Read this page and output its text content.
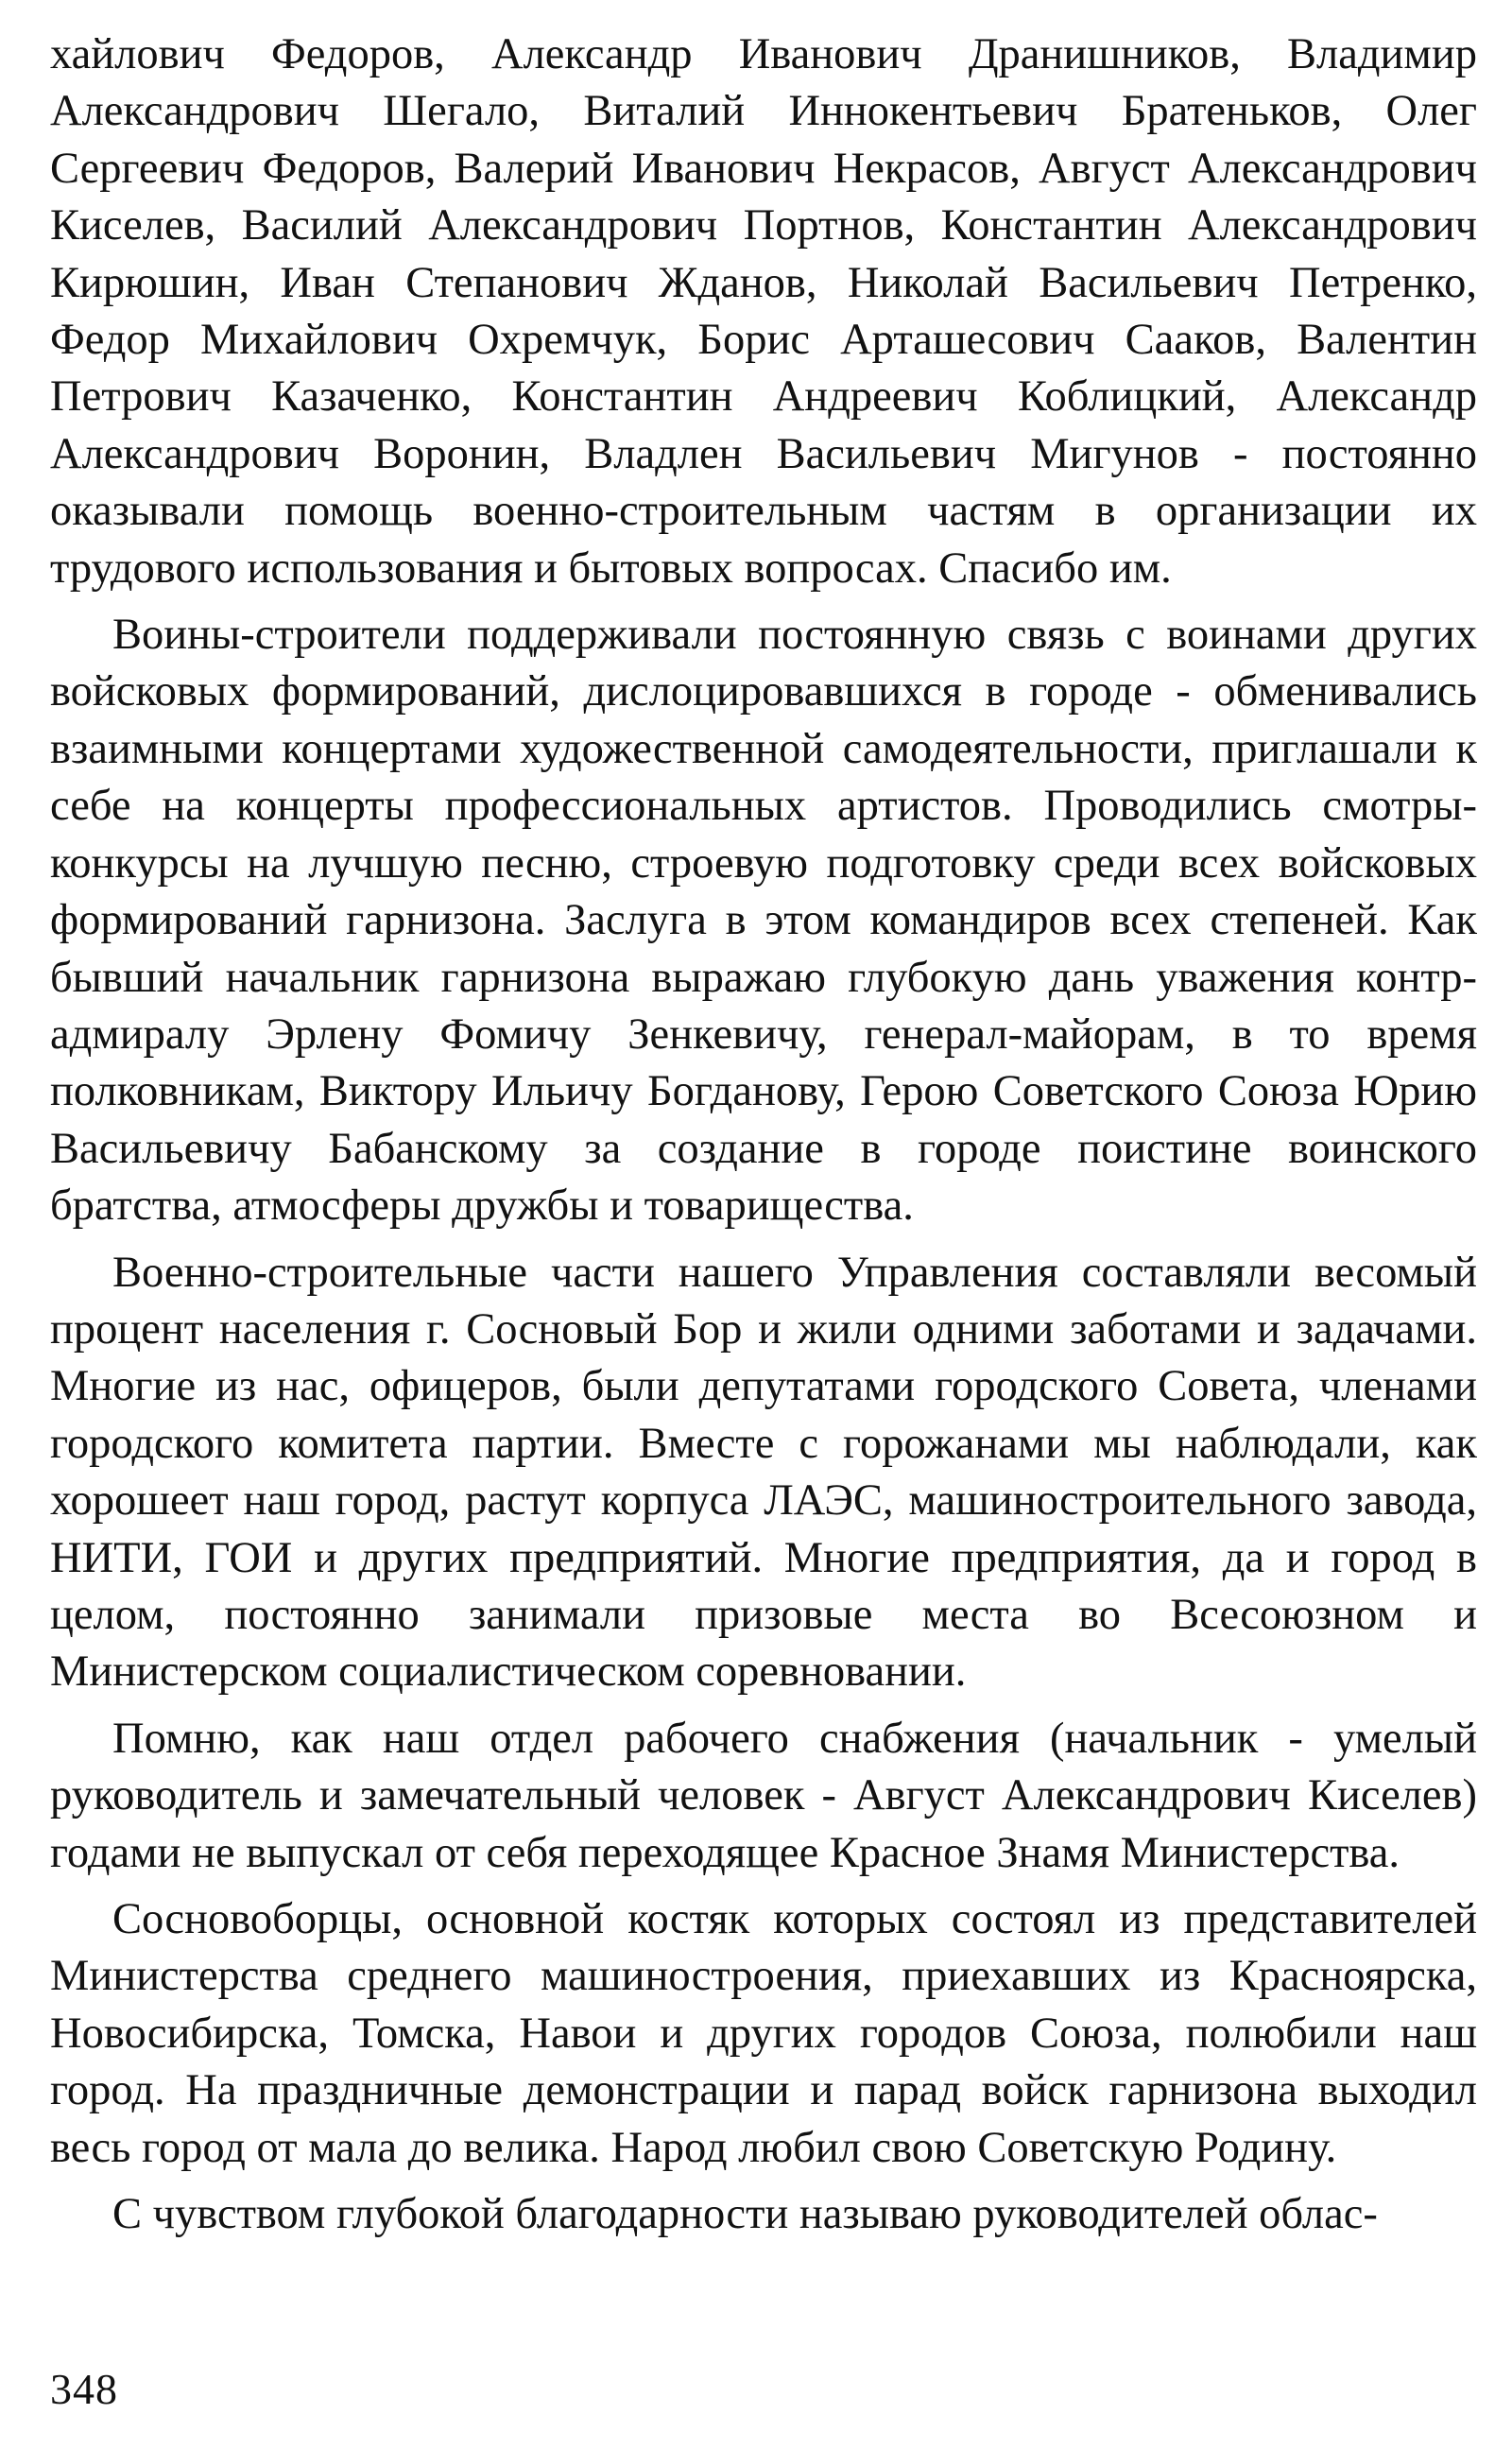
хайлович Федоров, Александр Иванович Дранишников, Владимир Александрович Шегало, Виталий Иннокентьевич Братеньков, Олег Сергеевич Федоров, Валерий Иванович Некрасов, Август Александрович Киселев, Василий Александрович Портнов, Константин Александрович Кирюшин, Иван Степанович Жданов, Николай Васильевич Петренко, Федор Михайлович Охремчук, Борис Арташесович Сааков, Валентин Петрович Казаченко, Константин Андреевич Коблицкий, Александр Александрович Воронин, Владлен Васильевич Мигунов - постоянно оказывали помощь военно-строительным частям в организации их трудового использования и бытовых вопросах. Спасибо им.

Воины-строители поддерживали постоянную связь с воинами других войсковых формирований, дислоцировавшихся в городе - обменивались взаимными концертами художественной самодеятельности, приглашали к себе на концерты профессиональных артистов. Проводились смотры-конкурсы на лучшую песню, строевую подготовку среди всех войсковых формирований гарнизона. Заслуга в этом командиров всех степеней. Как бывший начальник гарнизона выражаю глубокую дань уважения контр-адмиралу Эрлену Фомичу Зенкевичу, генерал-майорам, в то время полковникам, Виктору Ильичу Богданову, Герою Советского Союза Юрию Васильевичу Бабанскому за создание в городе поистине воинского братства, атмосферы дружбы и товарищества.

Военно-строительные части нашего Управления составляли весомый процент населения г. Сосновый Бор и жили одними заботами и задачами. Многие из нас, офицеров, были депутатами городского Совета, членами городского комитета партии. Вместе с горожанами мы наблюдали, как хорошеет наш город, растут корпуса ЛАЭС, машиностроительного завода, НИТИ, ГОИ и других предприятий. Многие предприятия, да и город в целом, постоянно занимали призовые места во Всесоюзном и Министерском социалистическом соревновании.

Помню, как наш отдел рабочего снабжения (начальник - умелый руководитель и замечательный человек - Август Александрович Киселев) годами не выпускал от себя переходящее Красное Знамя Министерства.

Сосновоборцы, основной костяк которых состоял из представителей Министерства среднего машиностроения, приехавших из Красноярска, Новосибирска, Томска, Навои и других городов Союза, полюбили наш город. На праздничные демонстрации и парад войск гарнизона выходил весь город от мала до велика. Народ любил свою Советскую Родину.

С чувством глубокой благодарности называю руководителей облас-

348
